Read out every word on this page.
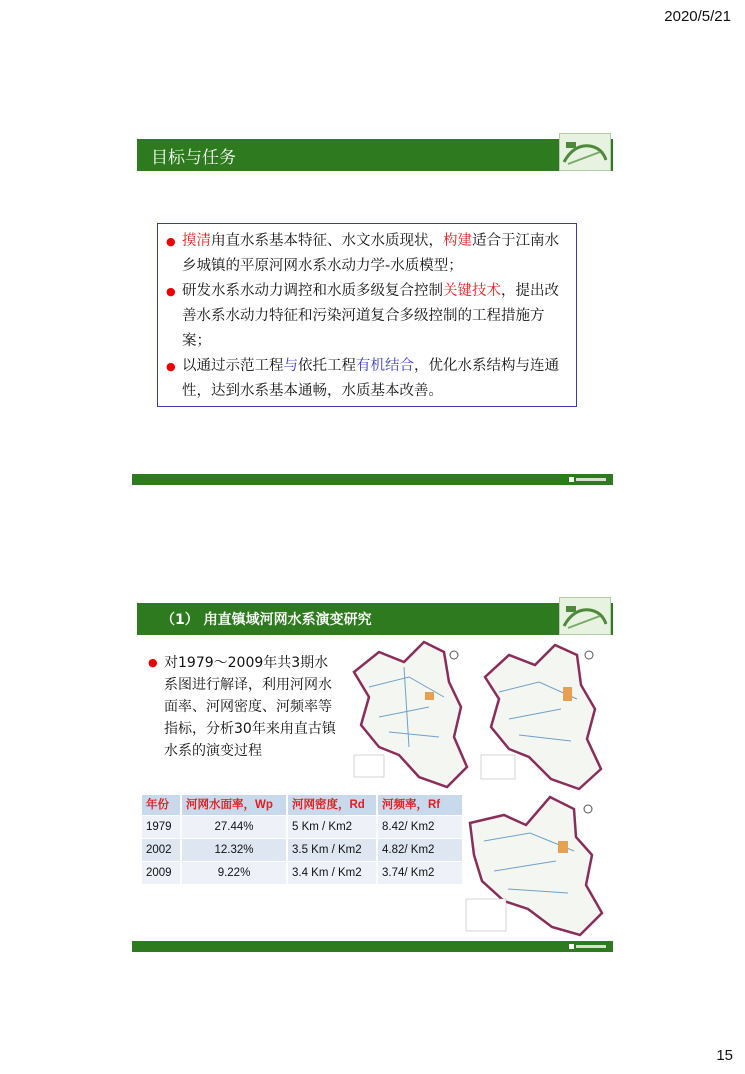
2020/5/21
目标与任务

● 摸清甪直水系基本特征、水文水质现状，构建适合于江南水乡城镇的平原河网水系水动力学-水质模型；

● 研发水系水动力调控和水质多级复合控制关键技术，提出改善水系水动力特征和污染河道复合多级控制的工程措施方案；

● 以通过示范工程与依托工程有机结合，优化水系结构与连通性，达到水系基本通畅，水质基本改善。

（1） 甪直镇域河网水系演变研究
● 对1979～2009年共3期水系图进行解译，利用河网水面率、河网密度、河频率等指标，分析30年来甪直古镇水系的演变过程
年份	河网水面率，Wp	河网密度，Rd	河频率，Rf
1979	27.44%	5 Km / Km2	8.42/ Km2
2002	12.32%	3.5 Km / Km2	4.82/ Km2
2009	9.22%	3.4 Km / Km2	3.74/ Km2
15
